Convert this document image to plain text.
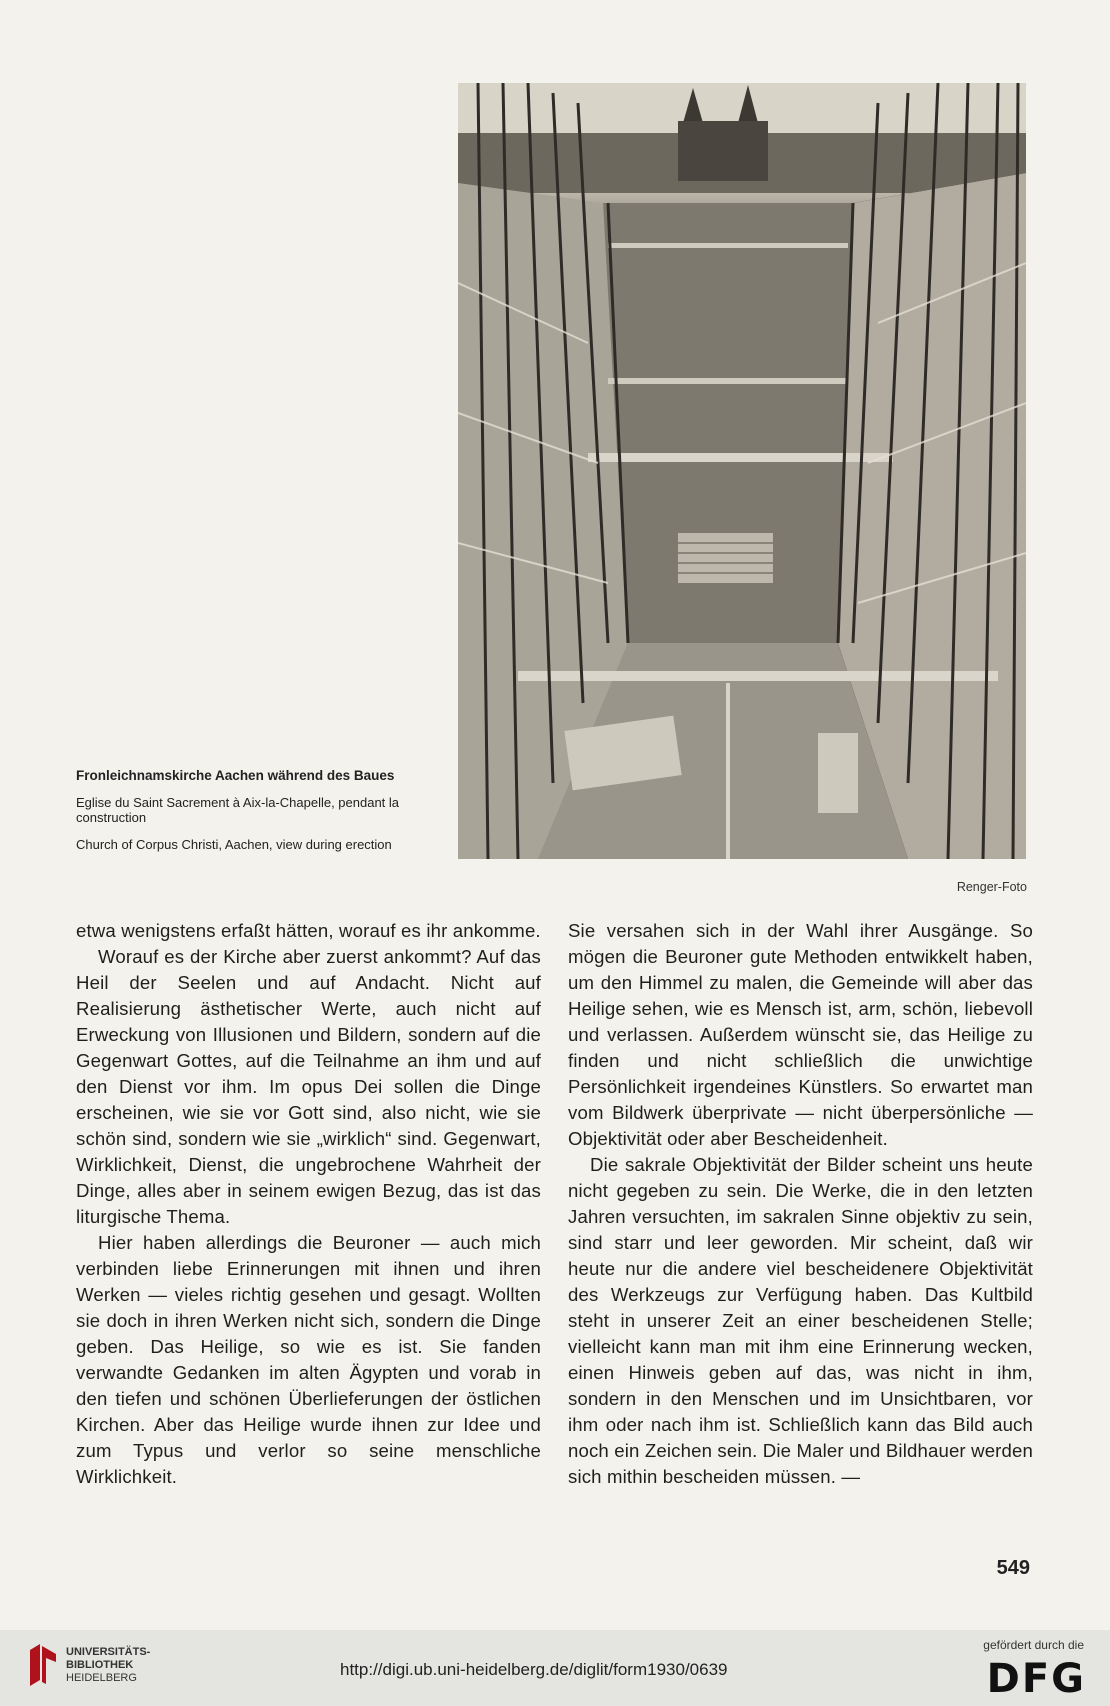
Fronleichnamskirche Aachen während des Baues
Eglise du Saint Sacrement à Aix-la-Chapelle, pendant la construction
Church of Corpus Christi, Aachen, view during erection
Renger-Foto

etwa wenigstens erfaßt hätten, worauf es ihr ankomme.

Worauf es der Kirche aber zuerst ankommt? Auf das Heil der Seelen und auf Andacht. Nicht auf Realisierung ästhetischer Werte, auch nicht auf Erweckung von Illusionen und Bildern, sondern auf die Gegenwart Gottes, auf die Teilnahme an ihm und auf den Dienst vor ihm. Im opus Dei sollen die Dinge erscheinen, wie sie vor Gott sind, also nicht, wie sie schön sind, sondern wie sie „wirklich“ sind. Gegenwart, Wirklichkeit, Dienst, die ungebrochene Wahrheit der Dinge, alles aber in seinem ewigen Bezug, das ist das liturgische Thema.

Hier haben allerdings die Beuroner — auch mich verbinden liebe Erinnerungen mit ihnen und ihren Werken — vieles richtig gesehen und gesagt. Wollten sie doch in ihren Werken nicht sich, sondern die Dinge geben. Das Heilige, so wie es ist. Sie fanden verwandte Gedanken im alten Ägypten und vorab in den tiefen und schönen Überlieferungen der östlichen Kirchen. Aber das Heilige wurde ihnen zur Idee und zum Typus und verlor so seine menschliche Wirklichkeit.

Sie versahen sich in der Wahl ihrer Ausgänge. So mögen die Beuroner gute Methoden entwikkelt haben, um den Himmel zu malen, die Gemeinde will aber das Heilige sehen, wie es Mensch ist, arm, schön, liebevoll und verlassen. Außerdem wünscht sie, das Heilige zu finden und nicht schließlich die unwichtige Persönlichkeit irgendeines Künstlers. So erwartet man vom Bildwerk überprivate — nicht überpersönliche — Objektivität oder aber Bescheidenheit.

Die sakrale Objektivität der Bilder scheint uns heute nicht gegeben zu sein. Die Werke, die in den letzten Jahren versuchten, im sakralen Sinne objektiv zu sein, sind starr und leer geworden. Mir scheint, daß wir heute nur die andere viel bescheidenere Objektivität des Werkzeugs zur Verfügung haben. Das Kultbild steht in unserer Zeit an einer bescheidenen Stelle; vielleicht kann man mit ihm eine Erinnerung wecken, einen Hinweis geben auf das, was nicht in ihm, sondern in den Menschen und im Unsichtbaren, vor ihm oder nach ihm ist. Schließlich kann das Bild auch noch ein Zeichen sein. Die Maler und Bildhauer werden sich mithin bescheiden müssen. —

549
UNIVERSITÄTS-
BIBLIOTHEK
HEIDELBERG	http://digi.ub.uni-heidelberg.de/diglit/form1930/0639
gefördert durch die
DFG
